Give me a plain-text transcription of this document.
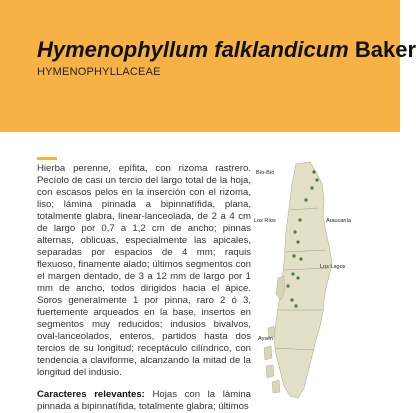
Hymenophyllum falklandicum Baker
HYMENOPHYLLACEAE

Hierba perenne, epífita, con rizoma rastrero. Pecíolo de casi un tercio del largo total de la hoja, con escasos pelos en la inserción con el rizoma, liso; lámina pinnada a bipinnatífida, plana, totalmente glabra, linear-lanceolada, de 2 a 4 cm de largo por 0,7 a 1,2 cm de ancho; pinnas alternas, oblicuas, especialmente las apicales, separadas por espacios de 4 mm; raquis flexuoso, finamente alado; últimos segmentos con el margen dentado, de 3 a 12 mm de largo por 1 mm de ancho, todos dirigidos hacia el ápice. Soros generalmente 1 por pinna, raro 2 ó 3, fuertemente arqueados en la base, insertos en segmentos muy reducidos; indusios bivalvos, oval-lanceolados, enteros, partidos hasta dos tercios de su longitud; receptáculo cilíndrico, con tendencia a claviforme, alcanzando la mitad de la longitud del indusio.

Caracteres relevantes: Hojas con la lámina pinnada a bipinnatífida, totalmente glabra; últimos

Bío-Bío
Araucanía
Los Ríos
Los Lagos
Aysén
